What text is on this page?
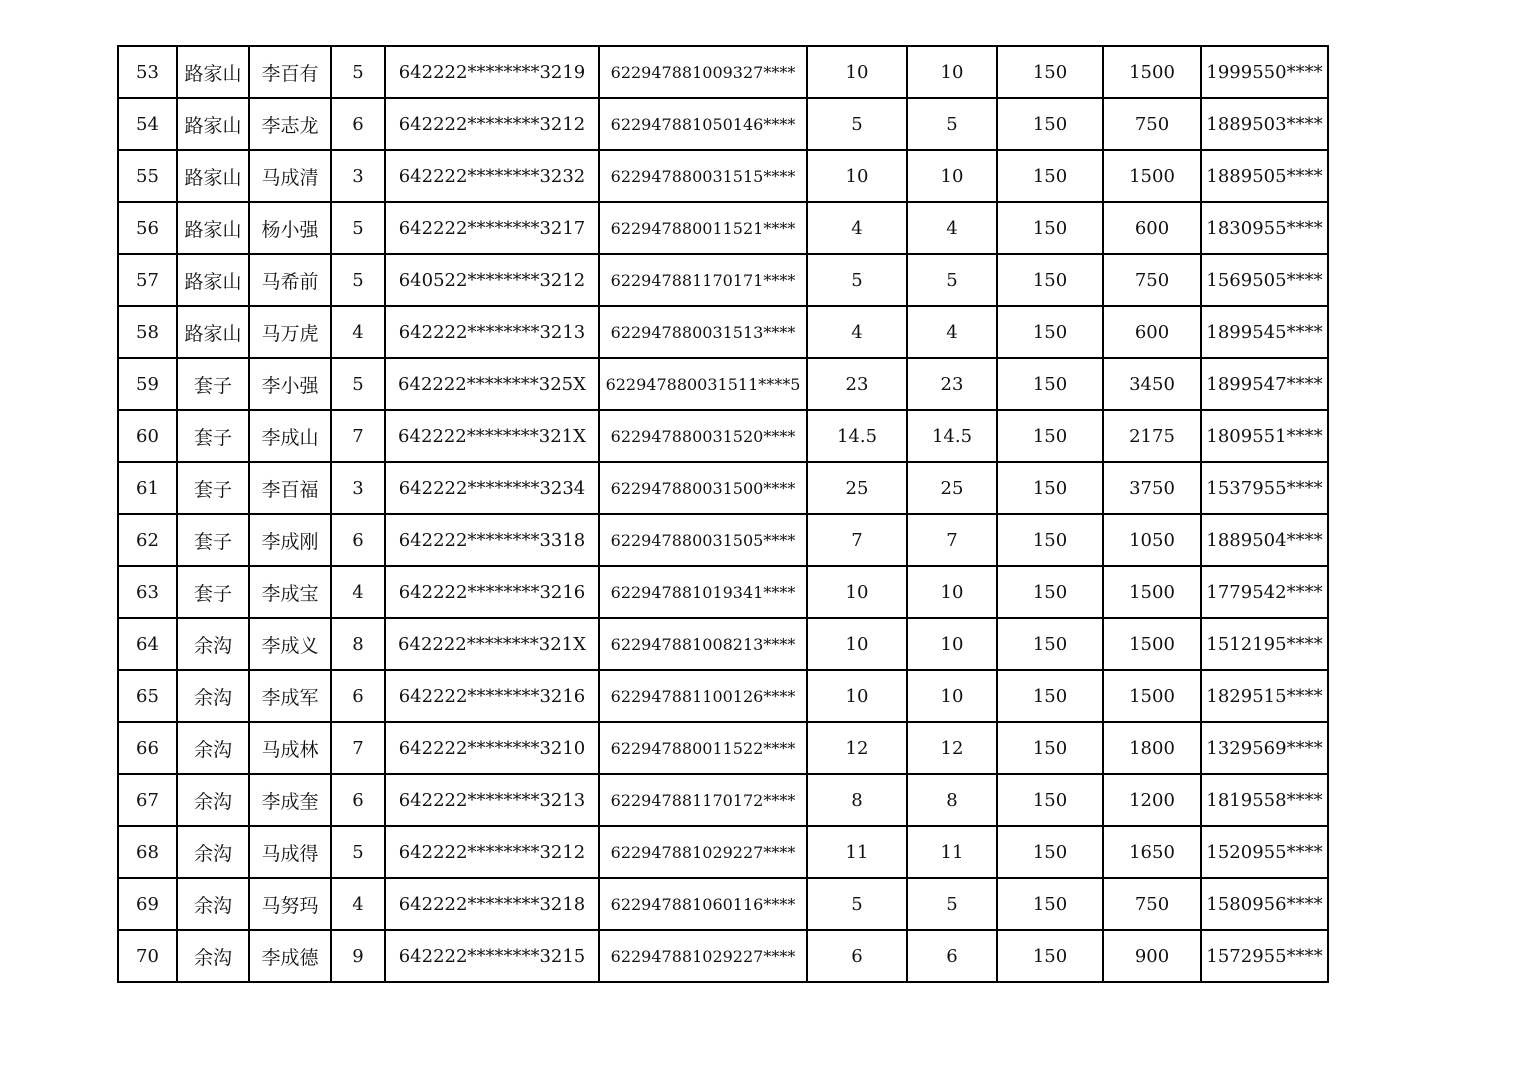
53	路家山	李百有	5	642222********3219	622947881009327****	10	10	150	1500	1999550****
54	路家山	李志龙	6	642222********3212	622947881050146****	5	5	150	750	1889503****
55	路家山	马成清	3	642222********3232	622947880031515****	10	10	150	1500	1889505****
56	路家山	杨小强	5	642222********3217	622947880011521****	4	4	150	600	1830955****
57	路家山	马希前	5	640522********3212	622947881170171****	5	5	150	750	1569505****
58	路家山	马万虎	4	642222********3213	622947880031513****	4	4	150	600	1899545****
59	套子	李小强	5	642222********325X	622947880031511****5	23	23	150	3450	1899547****
60	套子	李成山	7	642222********321X	622947880031520****	14.5	14.5	150	2175	1809551****
61	套子	李百福	3	642222********3234	622947880031500****	25	25	150	3750	1537955****
62	套子	李成刚	6	642222********3318	622947880031505****	7	7	150	1050	1889504****
63	套子	李成宝	4	642222********3216	622947881019341****	10	10	150	1500	1779542****
64	余沟	李成义	8	642222********321X	622947881008213****	10	10	150	1500	1512195****
65	余沟	李成军	6	642222********3216	622947881100126****	10	10	150	1500	1829515****
66	余沟	马成林	7	642222********3210	622947880011522****	12	12	150	1800	1329569****
67	余沟	李成奎	6	642222********3213	622947881170172****	8	8	150	1200	1819558****
68	余沟	马成得	5	642222********3212	622947881029227****	11	11	150	1650	1520955****
69	余沟	马努玛	4	642222********3218	622947881060116****	5	5	150	750	1580956****
70	余沟	李成德	9	642222********3215	622947881029227****	6	6	150	900	1572955****
